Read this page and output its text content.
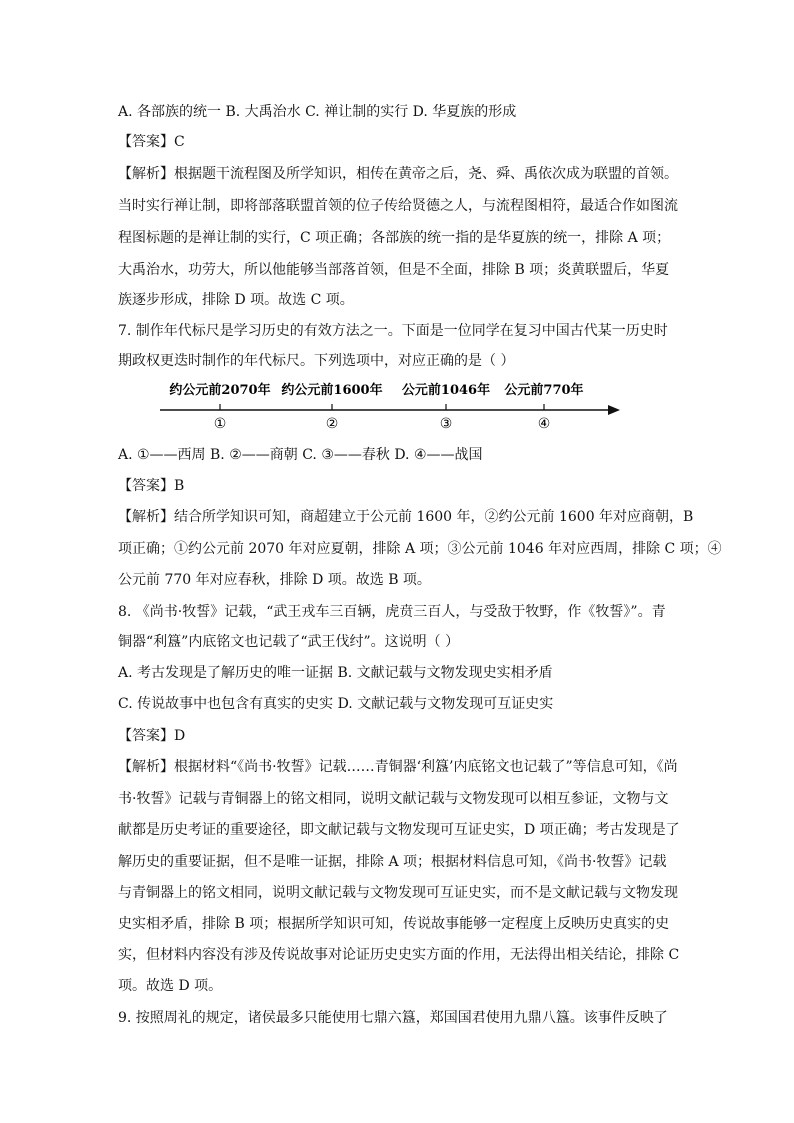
A. 各部族的统一 B. 大禹治水 C. 禅让制的实行 D. 华夏族的形成
【答案】C
【解析】根据题干流程图及所学知识，相传在黄帝之后，尧、舜、禹依次成为联盟的首领。
当时实行禅让制，即将部落联盟首领的位子传给贤德之人，与流程图相符，最适合作如图流
程图标题的是禅让制的实行，C 项正确；各部族的统一指的是华夏族的统一，排除 A 项；
大禹治水，功劳大，所以他能够当部落首领，但是不全面，排除 B 项；炎黄联盟后，华夏
族逐步形成，排除 D 项。故选 C 项。
7. 制作年代标尺是学习历史的有效方法之一。下面是一位同学在复习中国古代某一历史时
期政权更迭时制作的年代标尺。下列选项中，对应正确的是（ ）
约公元前2070年 约公元前1600年 公元前1046年 公元前770年
①	②	③	④
A. ①——西周 B. ②——商朝 C. ③——春秋 D. ④——战国
【答案】B
【解析】结合所学知识可知，商超建立于公元前 1600 年，②约公元前 1600 年对应商朝，B
项正确；①约公元前 2070 年对应夏朝，排除 A 项；③公元前 1046 年对应西周，排除 C 项；④
公元前 770 年对应春秋，排除 D 项。故选 B 项。
8. 《尚书·牧誓》记载，“武王戎车三百辆，虎贲三百人，与受敌于牧野，作《牧誓》”。青
铜器“利簋”内底铭文也记载了“武王伐纣”。这说明（ ）
A. 考古发现是了解历史的唯一证据 B. 文献记载与文物发现史实相矛盾
C. 传说故事中也包含有真实的史实 D. 文献记载与文物发现可互证史实
【答案】D
【解析】根据材料“《尚书·牧誓》记载……青铜器‘利簋’内底铭文也记载了”等信息可知，《尚
书·牧誓》记载与青铜器上的铭文相同，说明文献记载与文物发现可以相互参证，文物与文
献都是历史考证的重要途径，即文献记载与文物发现可互证史实，D 项正确；考古发现是了
解历史的重要证据，但不是唯一证据，排除 A 项；根据材料信息可知，《尚书·牧誓》记载
与青铜器上的铭文相同，说明文献记载与文物发现可互证史实，而不是文献记载与文物发现
史实相矛盾，排除 B 项；根据所学知识可知，传说故事能够一定程度上反映历史真实的史
实，但材料内容没有涉及传说故事对论证历史史实方面的作用，无法得出相关结论，排除 C
项。故选 D 项。
9. 按照周礼的规定，诸侯最多只能使用七鼎六簋，郑国国君使用九鼎八簋。该事件反映了
